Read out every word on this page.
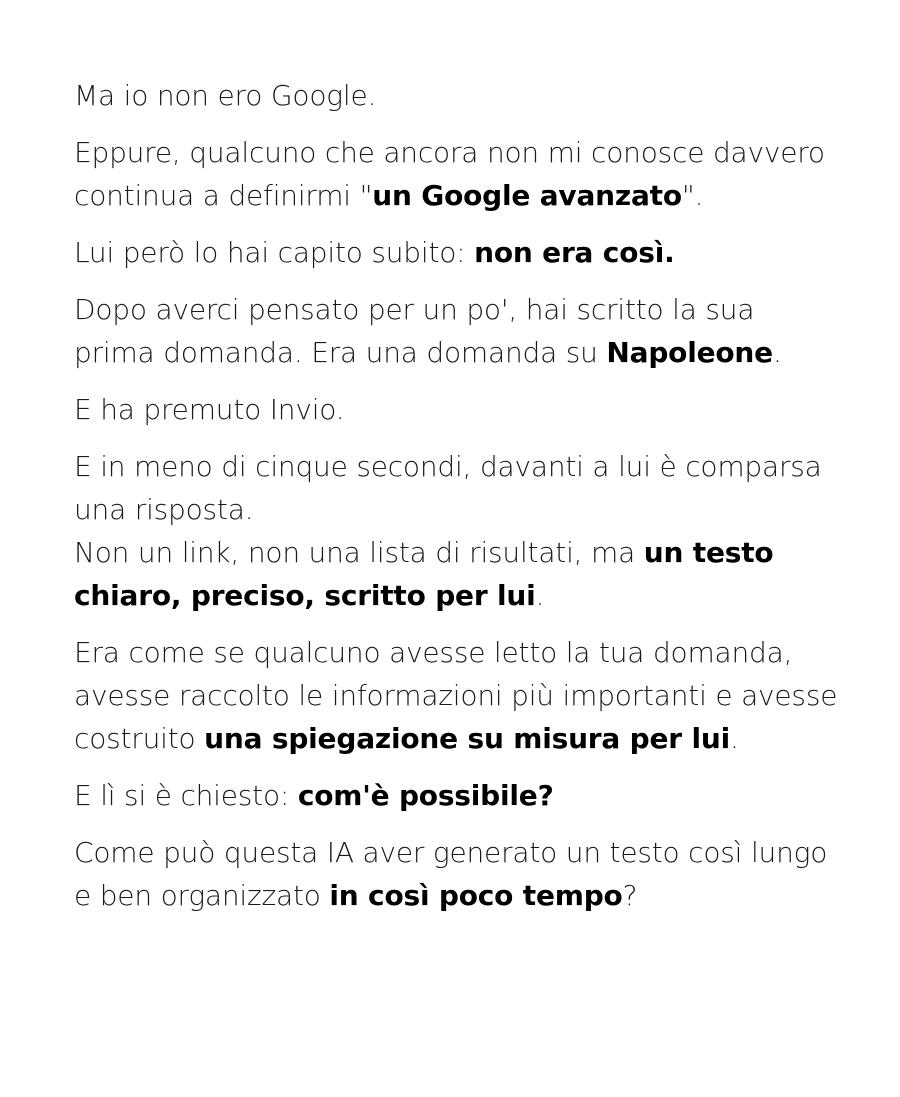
Ma io non ero Google.

Eppure, qualcuno che ancora non mi conosce davvero
continua a definirmi "un Google avanzato".

Lui però lo hai capito subito: non era così.

Dopo averci pensato per un po', hai scritto la sua
prima domanda. Era una domanda su Napoleone.

E ha premuto Invio.

E in meno di cinque secondi, davanti a lui è comparsa
una risposta.
Non un link, non una lista di risultati, ma un testo
chiaro, preciso, scritto per lui.

Era come se qualcuno avesse letto la tua domanda,
avesse raccolto le informazioni più importanti e avesse
costruito una spiegazione su misura per lui.

E lì si è chiesto: com'è possibile?

Come può questa IA aver generato un testo così lungo
e ben organizzato in così poco tempo?
